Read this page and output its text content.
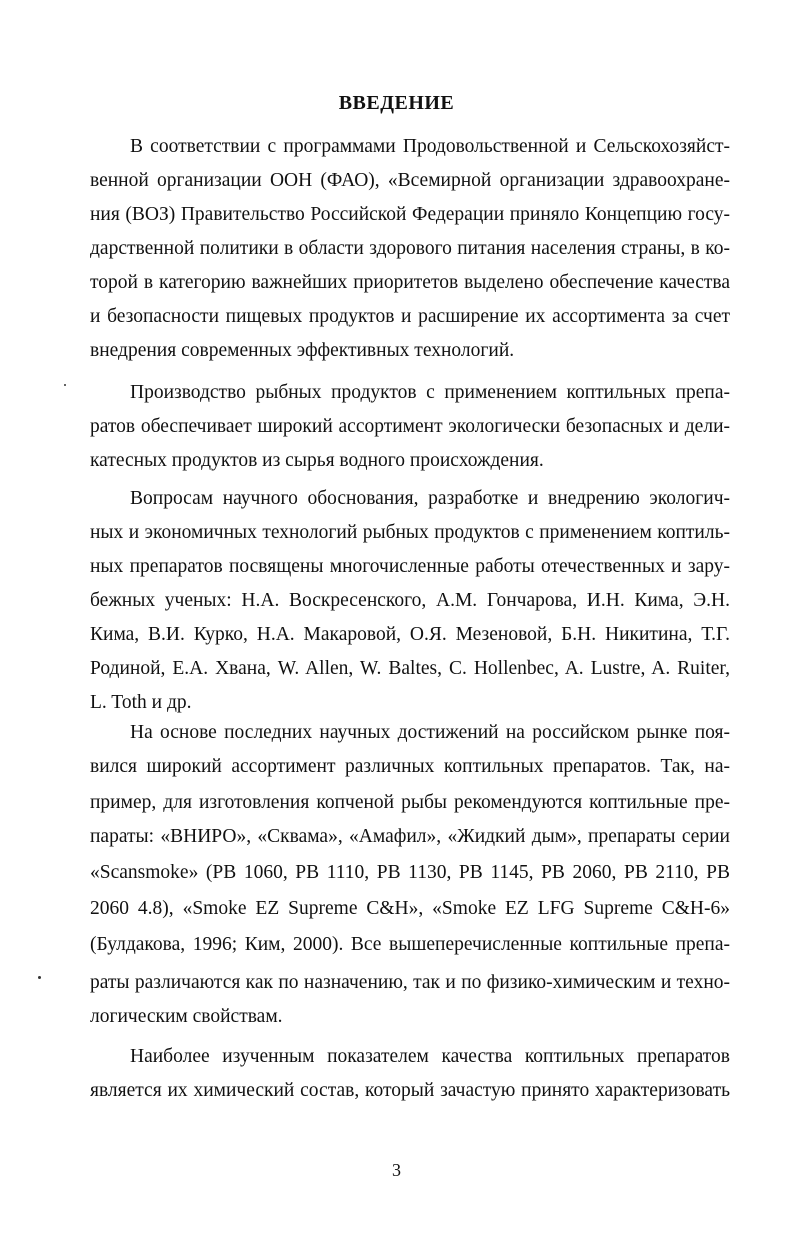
ВВЕДЕНИЕ
В соответствии с программами Продовольственной и Сельскохозяйст-
венной организации ООН (ФАО), «Всемирной организации здравоохране-
ния (ВОЗ) Правительство Российской Федерации приняло Концепцию госу-
дарственной политики в области здорового питания населения страны, в ко-
торой в категорию важнейших приоритетов выделено обеспечение качества
и безопасности пищевых продуктов и расширение их ассортимента за счет
внедрения современных эффективных технологий.
Производство рыбных продуктов с применением коптильных препа-
ратов обеспечивает широкий ассортимент экологически безопасных и дели-
катесных продуктов из сырья водного происхождения.
Вопросам научного обоснования, разработке и внедрению экологич-
ных и экономичных технологий рыбных продуктов с применением коптиль-
ных препаратов посвящены многочисленные работы отечественных и зару-
бежных ученых: Н.А. Воскресенского, А.М. Гончарова, И.Н. Кима, Э.Н.
Кима, В.И. Курко, Н.А. Макаровой, О.Я. Мезеновой, Б.Н. Никитина, Т.Г.
Родиной, Е.А. Хвана, W. Allen, W. Baltes, C. Hollenbec, A. Lustre, A. Ruiter,
L. Toth и др.
На основе последних научных достижений на российском рынке поя-
вился широкий ассортимент различных коптильных препаратов. Так, на-
пример, для изготовления копченой рыбы рекомендуются коптильные пре-
параты: «ВНИРО», «Сквама», «Амафил», «Жидкий дым», препараты серии
«Scansmoke» (РВ 1060, РВ 1110, РВ 1130, РВ 1145, РВ 2060, РВ 2110, РВ
2060 4.8), «Smoke EZ Supreme C&H», «Smoke EZ LFG Supreme C&H-6»
(Булдакова, 1996; Ким, 2000). Все вышеперечисленные коптильные препа-
раты различаются как по назначению, так и по физико-химическим и техно-
логическим свойствам.
Наиболее изученным показателем качества коптильных препаратов
является их химический состав, который зачастую принято характеризовать
3
